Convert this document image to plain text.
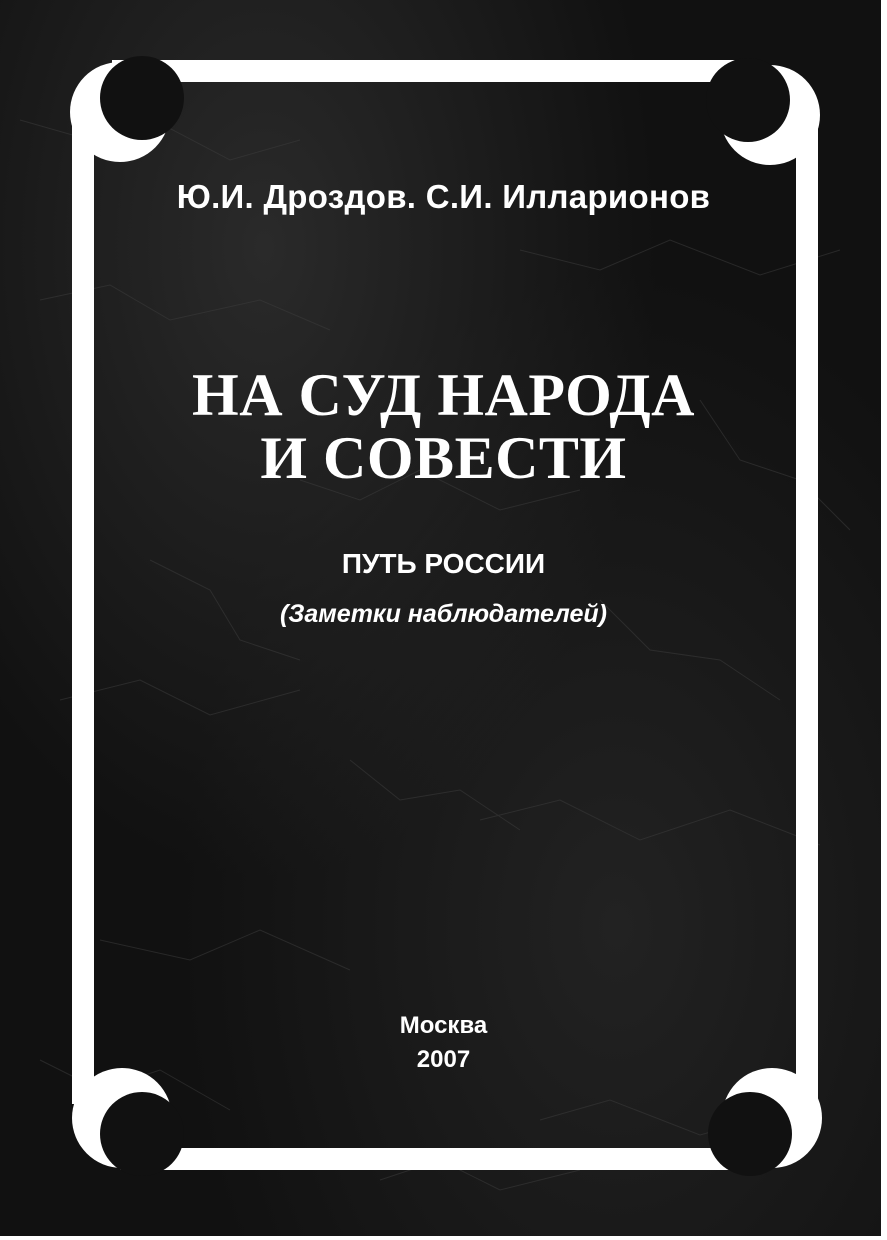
Ю.И. Дроздов. С.И. Илларионов

НА СУД НАРОДА
И СОВЕСТИ

ПУТЬ РОССИИ

(Заметки наблюдателей)

Москва

2007
